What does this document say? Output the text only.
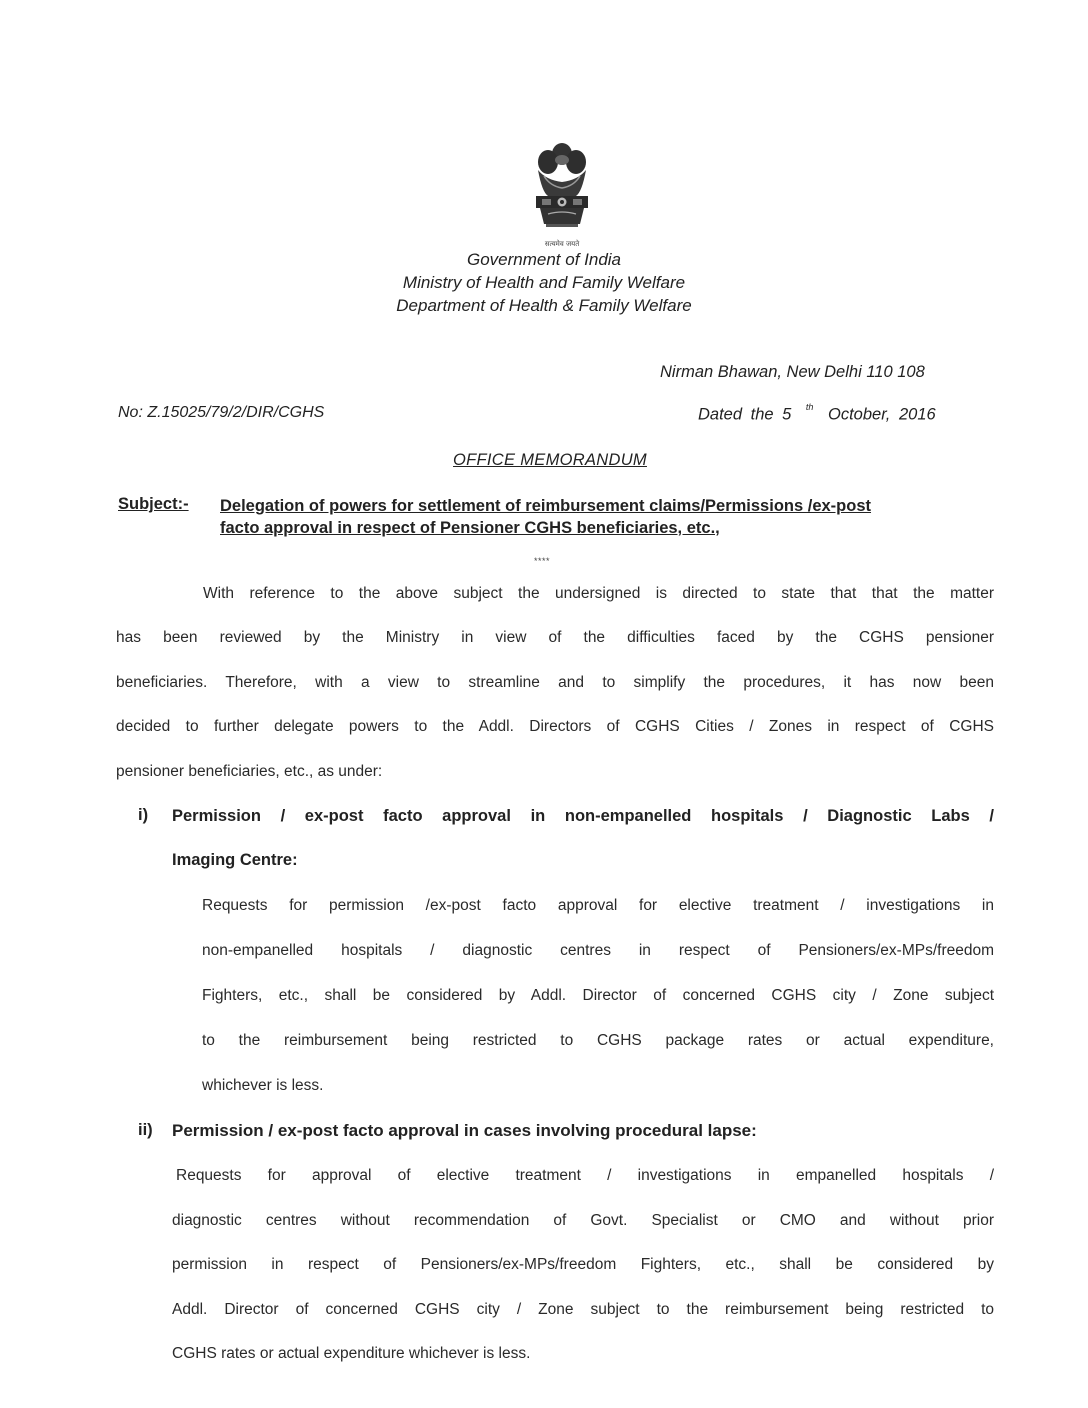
सत्यमेव जयते
Government of India
Ministry of Health and Family Welfare
Department of Health & Family Welfare
Nirman Bhawan, New Delhi 110 108
No: Z.15025/79/2/DIR/CGHS	Dated the 5 $^{th}$ October, 2016
OFFICE MEMORANDUM
Subject:- Delegation of powers for settlement of reimbursement claims/Permissions /ex-post
facto approval in respect of Pensioner CGHS beneficiaries, etc.,
****
With reference to the above subject the undersigned is directed to state that that the matter
has been reviewed by the Ministry in view of the difficulties faced by the CGHS pensioner
beneficiaries. Therefore, with a view to streamline and to simplify the procedures, it has now been
decided to further delegate powers to the Addl. Directors of CGHS Cities / Zones in respect of CGHS
pensioner beneficiaries, etc., as under:
i) Permission / ex-post facto approval in non-empanelled hospitals / Diagnostic Labs /
Imaging Centre:
Requests for permission /ex-post facto approval for elective treatment / investigations in
non-empanelled hospitals / diagnostic centres in respect of Pensioners/ex-MPs/freedom
Fighters, etc., shall be considered by Addl. Director of concerned CGHS city / Zone subject
to the reimbursement being restricted to CGHS package rates or actual expenditure,
whichever is less.
ii) Permission / ex-post facto approval in cases involving procedural lapse:
Requests for approval of elective treatment / investigations in empanelled hospitals /
diagnostic centres without recommendation of Govt. Specialist or CMO and without prior
permission in respect of Pensioners/ex-MPs/freedom Fighters, etc., shall be considered by
Addl. Director of concerned CGHS city / Zone subject to the reimbursement being restricted to
CGHS rates or actual expenditure whichever is less.
